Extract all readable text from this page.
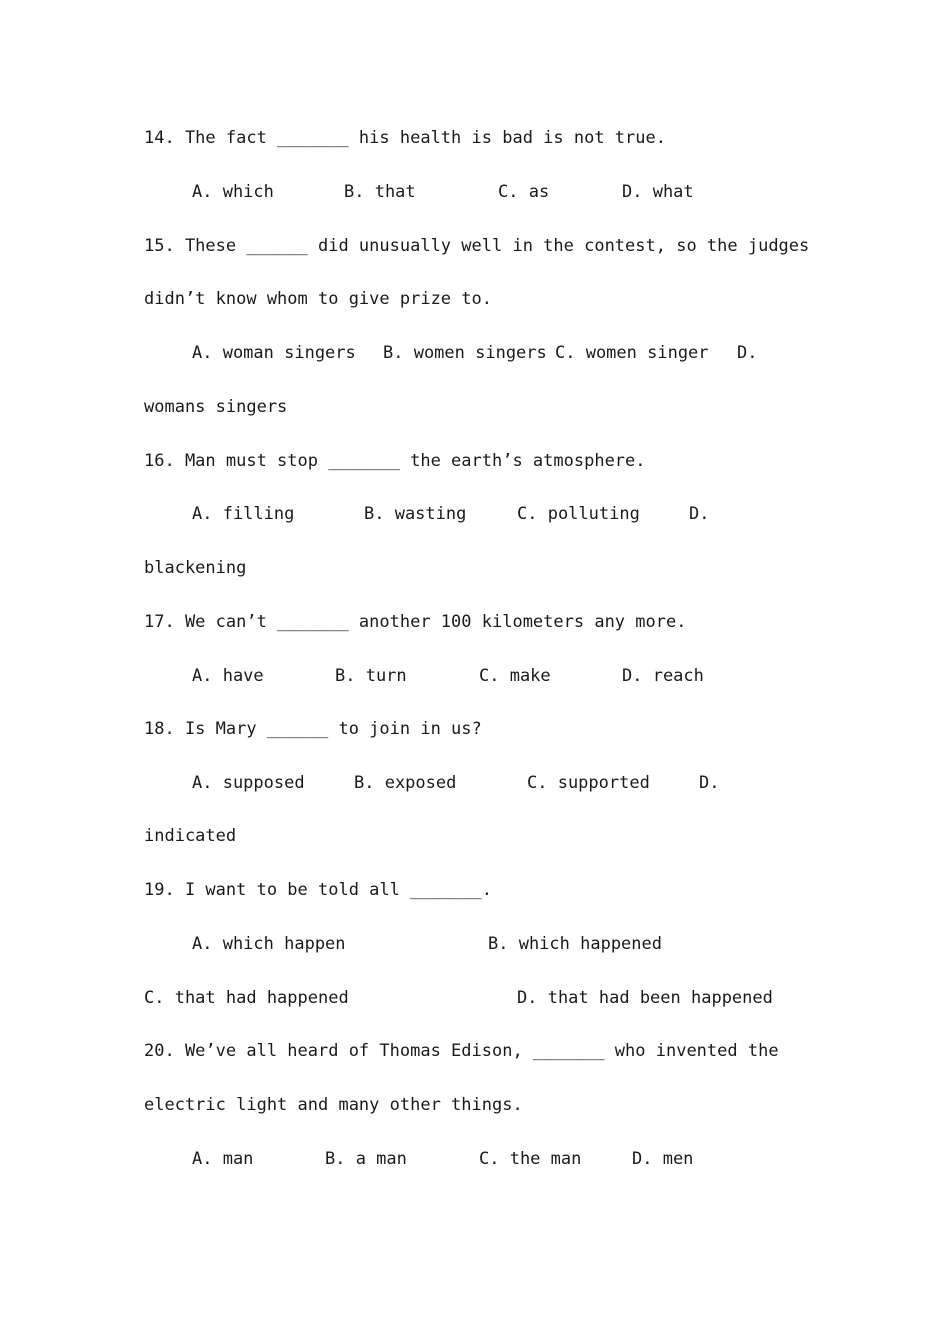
14. The fact _______ his health is bad is not true.

A. which

	B. that

	C. as

	D. what

15. These ______ did unusually well in the contest, so the judges
didn’t know whom to give prize to.

A. woman singers

B. women singers

C. women singer

D.

womans singers
16. Man must stop _______ the earth’s atmosphere.

A. filling

	B. wasting

	C. polluting

	D.

blackening
17. We can’t _______ another 100 kilometers any more.

A. have

	B. turn

	C. make

	D. reach

18. Is Mary ______ to join in us?

A. supposed

	B. exposed

	C. supported

	D.

indicated
19. I want to be told all _______.

A. which happen

	B. which happened

C. that had happened

	D. that had been happened

20. We’ve all heard of Thomas Edison, _______ who invented the
electric light and many other things.

A. man

	B. a man

	C. the man

	D. men
